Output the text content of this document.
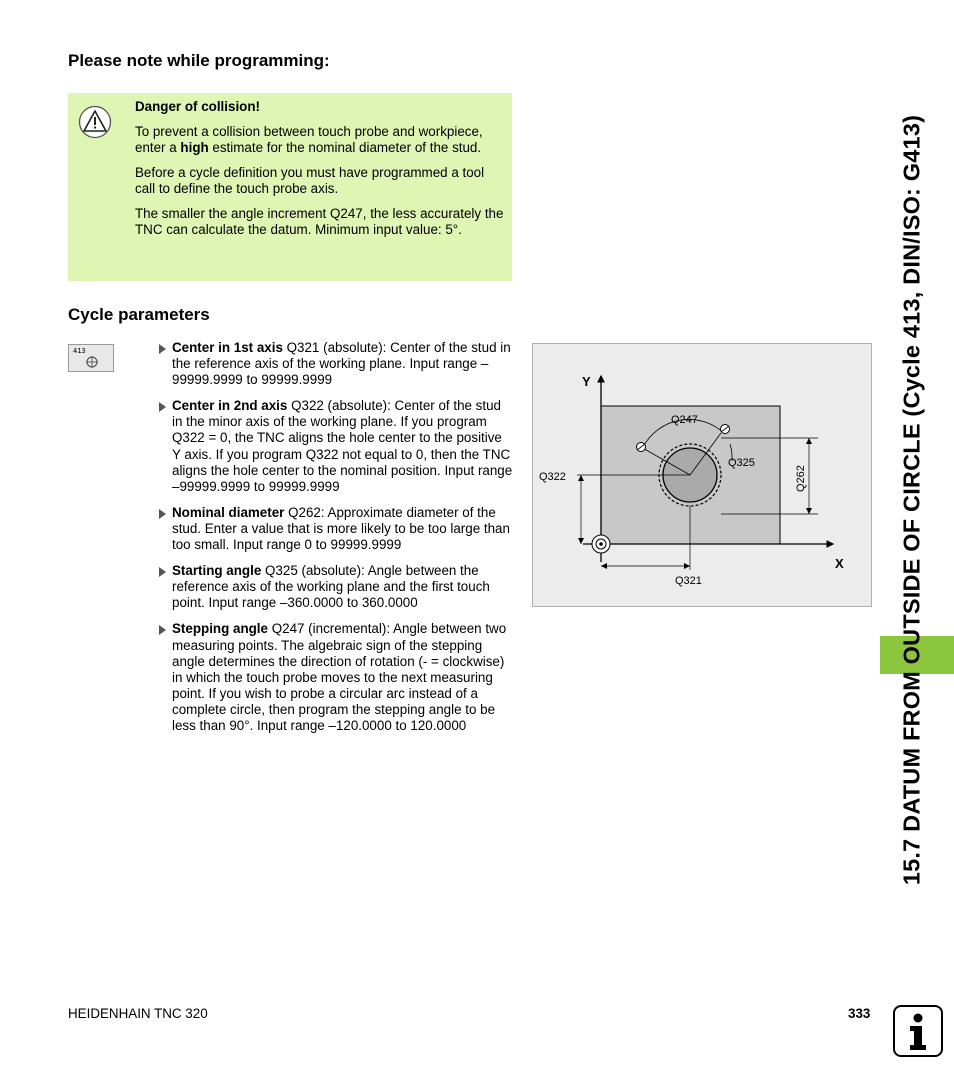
Please note while programming:

Danger of collision!

To prevent a collision between touch probe and workpiece, enter a high estimate for the nominal diameter of the stud.

Before a cycle definition you must have programmed a tool call to define the touch probe axis.

The smaller the angle increment Q247, the less accurately the TNC can calculate the datum. Minimum input value: 5°.

Cycle parameters
413	Center in 1st axis Q321 (absolute): Center of the stud in the reference axis of the working plane. Input range –99999.9999 to 99999.9999
Center in 2nd axis Q322 (absolute): Center of the stud in the minor axis of the working plane. If you program Q322 = 0, the TNC aligns the hole center to the positive Y axis. If you program Q322 not equal to 0, then the TNC aligns the hole center to the nominal position. Input range –99999.9999 to 99999.9999
Nominal diameter Q262: Approximate diameter of the stud. Enter a value that is more likely to be too large than too small. Input range 0 to 99999.9999
Starting angle Q325 (absolute): Angle between the reference axis of the working plane and the first touch point. Input range –360.0000 to 360.0000
Stepping angle Q247 (incremental): Angle between two measuring points. The algebraic sign of the stepping angle determines the direction of rotation (- = clockwise) in which the touch probe moves to the next measuring point. If you wish to probe a circular arc instead of a complete circle, then program the stepping angle to be less than 90°. Input range –120.0000 to 120.0000
Y
X
Q247
Q325
Q322	Q262
Q321	15.7 DATUM FROM OUTSIDE OF CIRCLE (Cycle 413, DIN/ISO: G413)
HEIDENHAIN TNC 320	333
